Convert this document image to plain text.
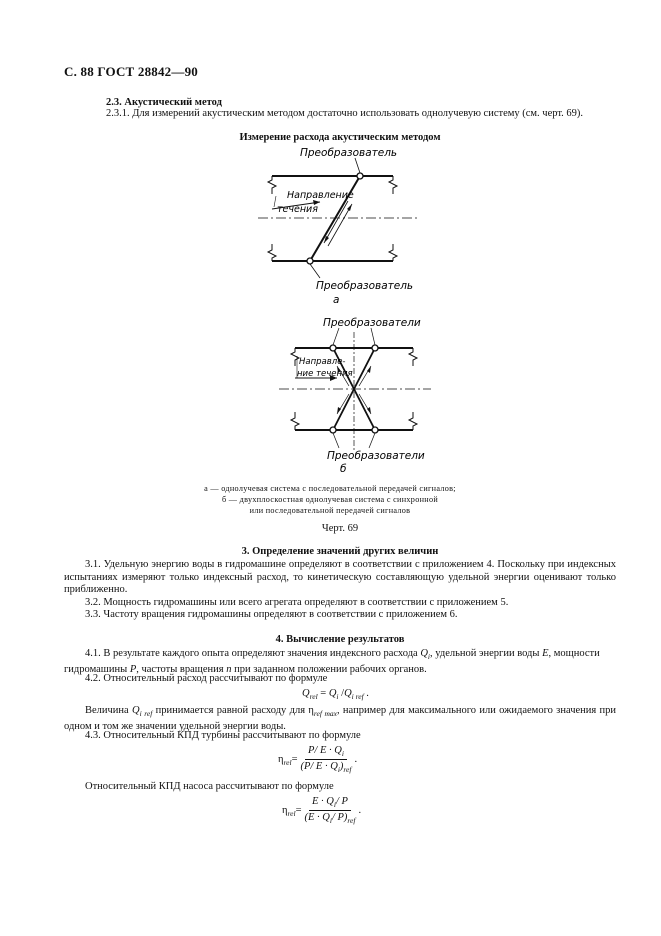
С. 88 ГОСТ 28842—90
2.3. Акустический метод
2.3.1. Для измерений акустическим методом достаточно использовать однолучевую систему (см. черт. 69).
Измерение расхода акустическим методом
Преобразователь
Направление
течения
Преобразователь
а
Преобразователи
Направле-
ние течения
Преобразователи
б
а — однолучевая система с последовательной передачей сигналов;
б — двухплоскостная однолучевая система с синхронной
или последовательной передачей сигналов
Черт. 69
3. Определение значений других величин
3.1. Удельную энергию воды в гидромашине определяют в соответствии с приложением 4. Поскольку при индексных испытаниях измеряют только индексный расход, то кинетическую составляющую удельной энергии оценивают только приближенно.
3.2. Мощность гидромашины или всего агрегата определяют в соответствии с приложением 5.
3.3. Частоту вращения гидромашины определяют в соответствии с приложением 6.
4. Вычисление результатов
4.1. В результате каждого опыта определяют значения индексного расхода $Q_i$, удельной энергии воды E, мощности гидромашины P, частоты вращения n при заданном положении рабочих органов.
4.2. Относительный расход рассчитывают по формуле
$Q_{rel} = Q_i$ $/Q_{i ref}$ .
Величина $Q_{i ref}$ принимается равной расходу для $\eta_{ref max}$, например для максимального или ожидаемого значения при одном и том же значении удельной энергии воды.
4.3. Относительный КПД турбины рассчитывают по формуле
$\eta_{rel}= \frac{P/ E \cdot Q_i}{(P/ E \cdot Q_i)_{ref}}$ .
Относительный КПД насоса рассчитывают по формуле
$\eta_{rel}= \frac{E \cdot Q_i/ P}{(E \cdot Q_i/ P)_{ref}}$ .
